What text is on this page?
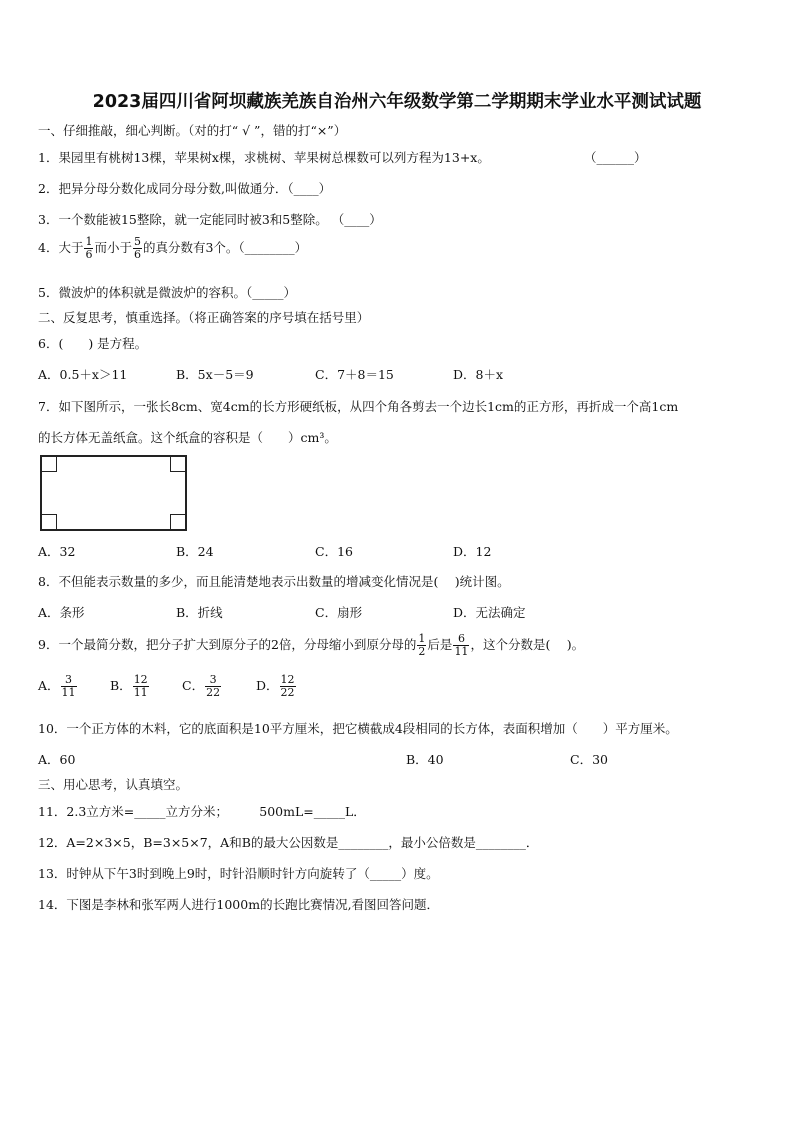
2023届四川省阿坝藏族羌族自治州六年级数学第二学期期末学业水平测试试题
一、仔细推敲，细心判断。（对的打“ √ ”，错的打“×”）
1．果园里有桃树13棵，苹果树x棵，求桃树、苹果树总棵数可以列方程为13+x。	（______）
2．把异分母分数化成同分母分数,叫做通分．（____）
3．一个数能被15整除，就一定能同时被3和5整除。 （____）
4．大于 $\frac{1}{6}$ 而小于 $\frac{5}{6}$ 的真分数有3个。（________）
5．微波炉的体积就是微波炉的容积。（_____）
二、反复思考，慎重选择。（将正确答案的序号填在括号里）
6．(　　) 是方程。
A．0.5＋x＞11	B．5x－5＝9	C．7＋8＝15	D．8＋x
7．如下图所示，一张长8cm、宽4cm的长方形硬纸板，从四个角各剪去一个边长1cm的正方形，再折成一个高1cm
的长方体无盖纸盒。这个纸盒的容积是（　　）cm³。
A．32	B．24	C．16	D．12
8．不但能表示数量的多少，而且能清楚地表示出数量的增减变化情况是(　 )统计图。
A．条形	B．折线	C．扇形	D．无法确定
9．一个最简分数，把分子扩大到原分子的2倍，分母缩小到原分母的 $\frac{1}{2}$ 后是 $\frac{6}{11}$ ，这个分数是(　 )。
A． $\frac{3}{11}$	B． $\frac{12}{11}$	C． $\frac{3}{22}$	D． $\frac{12}{22}$
10．一个正方体的木料，它的底面积是10平方厘米，把它横截成4段相同的长方体，表面积增加（　　）平方厘米。
A．60	B．40	C．30
三、用心思考，认真填空。
11．2.3立方米=_____立方分米；　　　500mL=_____L．
12．A=2×3×5，B=3×5×7，A和B的最大公因数是________，最小公倍数是________．
13．时钟从下午3时到晚上9时，时针沿顺时针方向旋转了（_____）度。
14．下图是李林和张军两人进行1000m的长跑比赛情况,看图回答问题．
